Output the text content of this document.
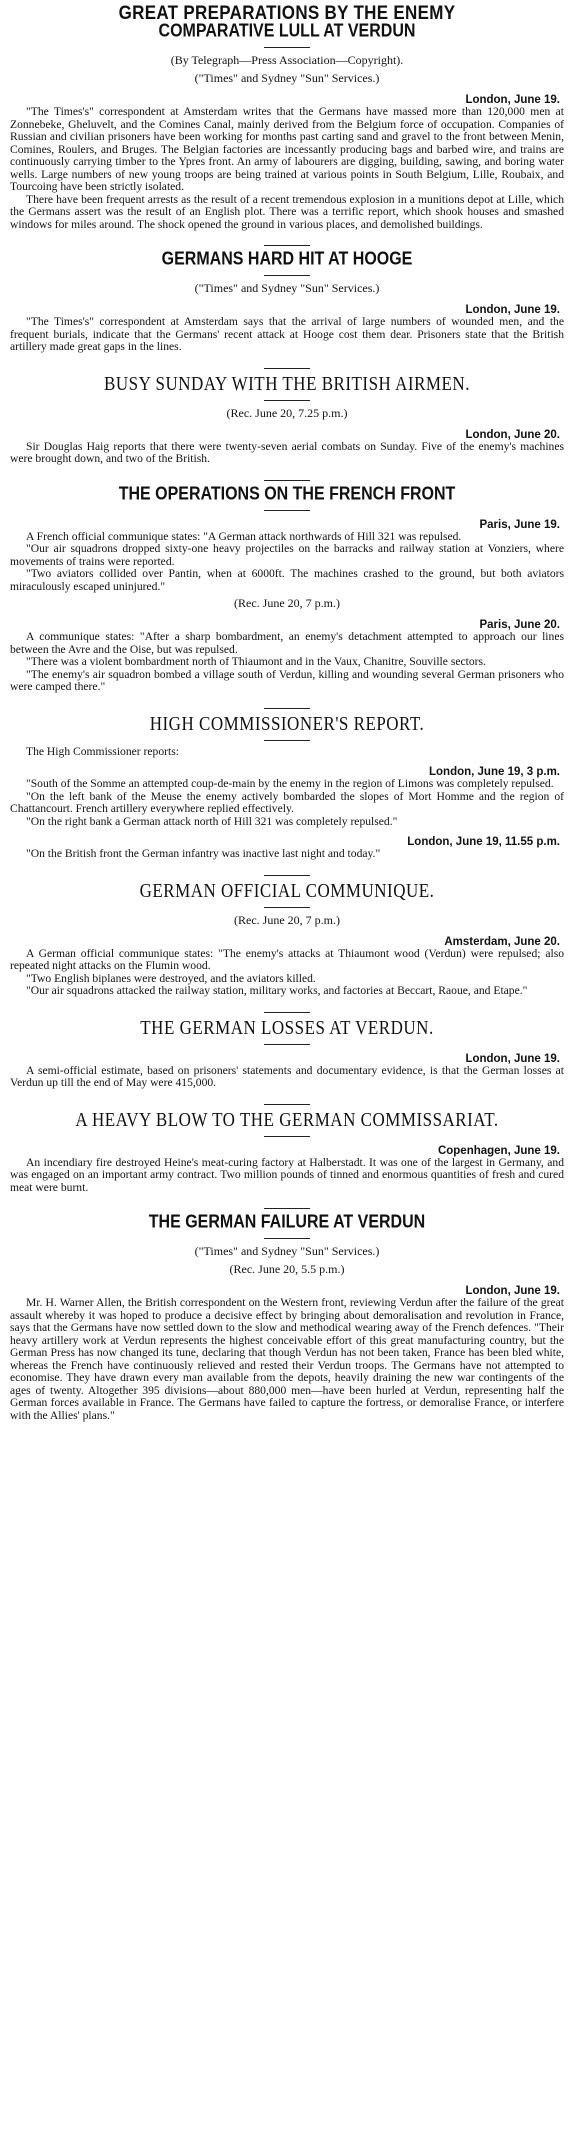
GREAT PREPARATIONS BY THE ENEMY
COMPARATIVE LULL AT VERDUN
(By Telegraph—Press Association—Copyright).
("Times" and Sydney "Sun" Services.)
London, June 19.

"The Times's" correspondent at Amsterdam writes that the Germans have massed more than 120,000 men at Zonnebeke, Gheluvelt, and the Comines Canal, mainly derived from the Belgium force of occupation. Companies of Russian and civilian prisoners have been working for months past carting sand and gravel to the front between Menin, Comines, Roulers, and Bruges. The Belgian factories are incessantly producing bags and barbed wire, and trains are continuously carrying timber to the Ypres front. An army of labourers are digging, building, sawing, and boring water wells. Large numbers of new young troops are being trained at various points in South Belgium, Lille, Roubaix, and Tourcoing have been strictly isolated.

There have been frequent arrests as the result of a recent tremendous explosion in a munitions depot at Lille, which the Germans assert was the result of an English plot. There was a terrific report, which shook houses and smashed windows for miles around. The shock opened the ground in various places, and demolished buildings.

GERMANS HARD HIT AT HOOGE
("Times" and Sydney "Sun" Services.)
London, June 19.

"The Times's" correspondent at Amsterdam says that the arrival of large numbers of wounded men, and the frequent burials, indicate that the Germans' recent attack at Hooge cost them dear. Prisoners state that the British artillery made great gaps in the lines.

BUSY SUNDAY WITH THE BRITISH AIRMEN.
(Rec. June 20, 7.25 p.m.)
London, June 20.

Sir Douglas Haig reports that there were twenty-seven aerial combats on Sunday. Five of the enemy's machines were brought down, and two of the British.

THE OPERATIONS ON THE FRENCH FRONT
Paris, June 19.

A French official communique states: "A German attack northwards of Hill 321 was repulsed.

"Our air squadrons dropped sixty-one heavy projectiles on the barracks and railway station at Vonziers, where movements of trains were reported.

"Two aviators collided over Pantin, when at 6000ft. The machines crashed to the ground, but both aviators miraculously escaped uninjured."

(Rec. June 20, 7 p.m.)
Paris, June 20.

A communique states: "After a sharp bombardment, an enemy's detachment attempted to approach our lines between the Avre and the Oise, but was repulsed.

"There was a violent bombardment north of Thiaumont and in the Vaux, Chanitre, Souville sectors.

"The enemy's air squadron bombed a village south of Verdun, killing and wounding several German prisoners who were camped there."

HIGH COMMISSIONER'S REPORT.

The High Commissioner reports:

London, June 19, 3 p.m.

"South of the Somme an attempted coup-de-main by the enemy in the region of Limons was completely repulsed.

"On the left bank of the Meuse the enemy actively bombarded the slopes of Mort Homme and the region of Chattancourt. French artillery everywhere replied effectively.

"On the right bank a German attack north of Hill 321 was completely repulsed."

London, June 19, 11.55 p.m.

"On the British front the German infantry was inactive last night and today."

GERMAN OFFICIAL COMMUNIQUE.
(Rec. June 20, 7 p.m.)
Amsterdam, June 20.

A German official communique states: "The enemy's attacks at Thiaumont wood (Verdun) were repulsed; also repeated night attacks on the Flumin wood.

"Two English biplanes were destroyed, and the aviators killed.

"Our air squadrons attacked the railway station, military works, and factories at Beccart, Raoue, and Etape."

THE GERMAN LOSSES AT VERDUN.
London, June 19.

A semi-official estimate, based on prisoners' statements and documentary evidence, is that the German losses at Verdun up till the end of May were 415,000.

A HEAVY BLOW TO THE GERMAN COMMISSARIAT.
Copenhagen, June 19.

An incendiary fire destroyed Heine's meat-curing factory at Halberstadt. It was one of the largest in Germany, and was engaged on an important army contract. Two million pounds of tinned and enormous quantities of fresh and cured meat were burnt.

THE GERMAN FAILURE AT VERDUN
("Times" and Sydney "Sun" Services.)
(Rec. June 20, 5.5 p.m.)
London, June 19.

Mr. H. Warner Allen, the British correspondent on the Western front, reviewing Verdun after the failure of the great assault whereby it was hoped to produce a decisive effect by bringing about demoralisation and revolution in France, says that the Germans have now settled down to the slow and methodical wearing away of the French defences. "Their heavy artillery work at Verdun represents the highest conceivable effort of this great manufacturing country, but the German Press has now changed its tune, declaring that though Verdun has not been taken, France has been bled white, whereas the French have continuously relieved and rested their Verdun troops. The Germans have not attempted to economise. They have drawn every man available from the depots, heavily draining the new war contingents of the ages of twenty. Altogether 395 divisions—about 880,000 men—have been hurled at Verdun, representing half the German forces available in France. The Germans have failed to capture the fortress, or demoralise France, or interfere with the Allies' plans."
